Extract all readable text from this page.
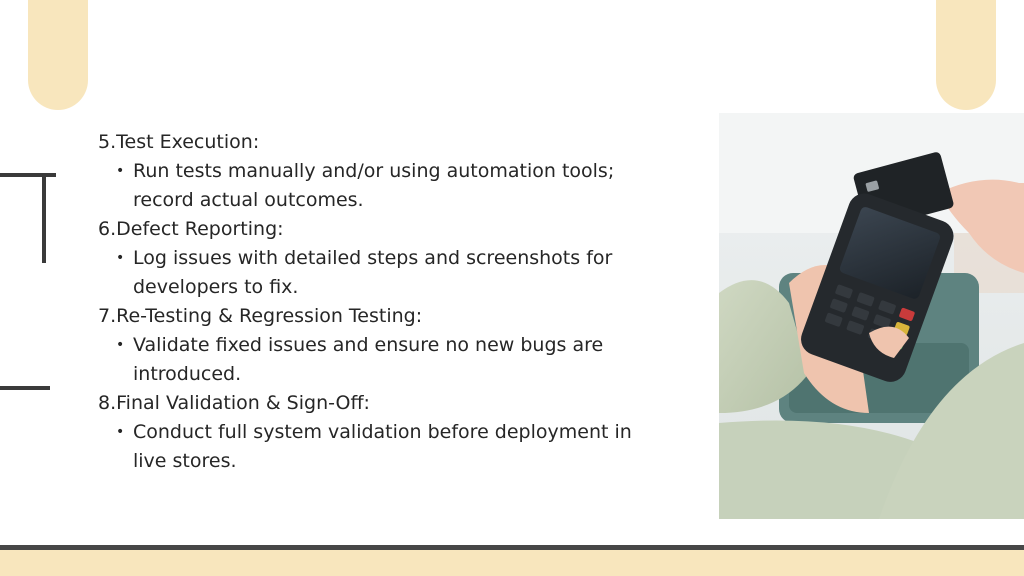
5.Test Execution:

• Run tests manually and/or using automation tools;
record actual outcomes.

6.Defect Reporting:

• Log issues with detailed steps and screenshots for
developers to fix.

7.Re-Testing & Regression Testing:

• Validate fixed issues and ensure no new bugs are
introduced.

8.Final Validation & Sign-Off:

• Conduct full system validation before deployment in
live stores.
